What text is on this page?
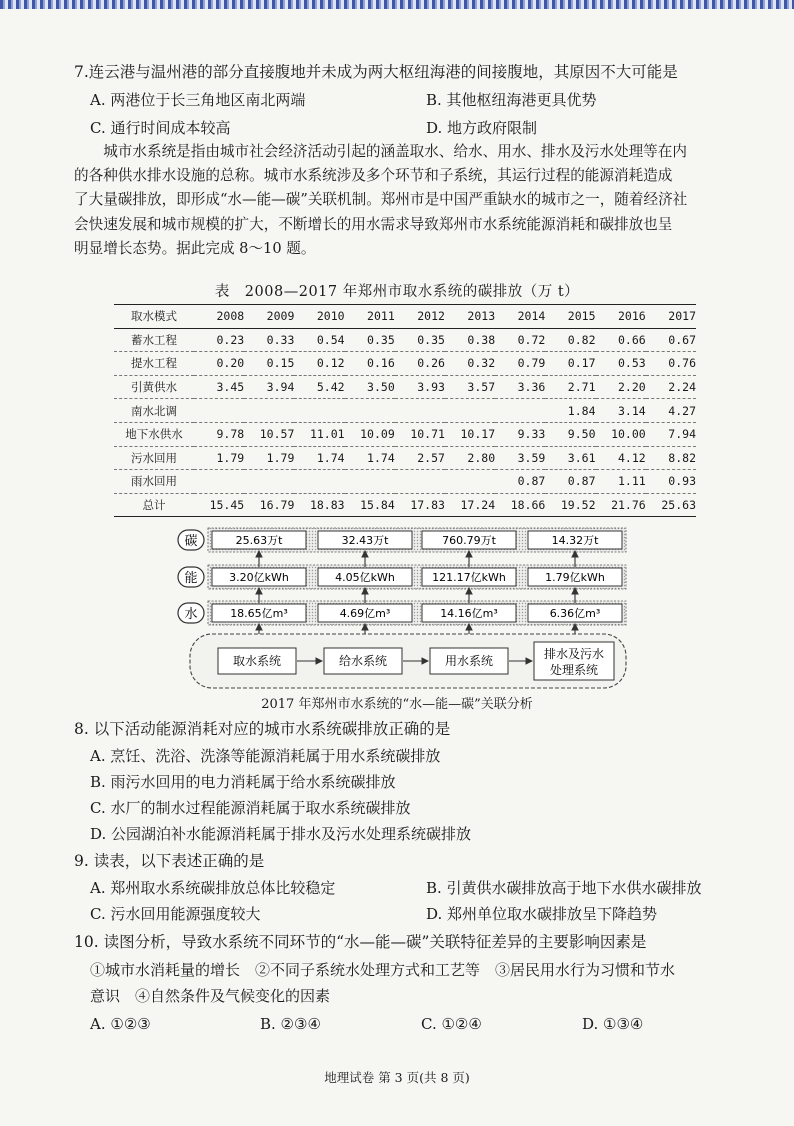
7.连云港与温州港的部分直接腹地并未成为两大枢纽海港的间接腹地，其原因不大可能是
A. 两港位于长三角地区南北两端	B. 其他枢纽海港更具优势
C. 通行时间成本较高	D. 地方政府限制
城市水系统是指由城市社会经济活动引起的涵盖取水、给水、用水、排水及污水处理等在内
的各种供水排水设施的总称。城市水系统涉及多个环节和子系统，其运行过程的能源消耗造成
了大量碳排放，即形成“水—能—碳”关联机制。郑州市是中国严重缺水的城市之一，随着经济社
会快速发展和城市规模的扩大，不断增长的用水需求导致郑州市水系统能源消耗和碳排放也呈
明显增长态势。据此完成 8～10 题。
表　2008—2017 年郑州市取水系统的碳排放（万 t）
取水模式	2008	2009	2010	2011	2012	2013	2014	2015	2016	2017
蓄水工程	0.23	0.33	0.54	0.35	0.35	0.38	0.72	0.82	0.66	0.67
提水工程	0.20	0.15	0.12	0.16	0.26	0.32	0.79	0.17	0.53	0.76
引黄供水	3.45	3.94	5.42	3.50	3.93	3.57	3.36	2.71	2.20	2.24
南水北调								1.84	3.14	4.27
地下水供水	9.78	10.57	11.01	10.09	10.71	10.17	9.33	9.50	10.00	7.94
污水回用	1.79	1.79	1.74	1.74	2.57	2.80	3.59	3.61	4.12	8.82
雨水回用							0.87	0.87	1.11	0.93
总计	15.45	16.79	18.83	15.84	17.83	17.24	18.66	19.52	21.76	25.63
碳
能
水
25.63万t	32.43万t	760.79万t	14.32万t
3.20亿kWh	4.05亿kWh	121.17亿kWh	1.79亿kWh
18.65亿m³	4.69亿m³	14.16亿m³	6.36亿m³
取水系统	给水系统	用水系统	排水及污水
处理系统
2017 年郑州市水系统的“水—能—碳”关联分析
8. 以下活动能源消耗对应的城市水系统碳排放正确的是
A. 烹饪、洗浴、洗涤等能源消耗属于用水系统碳排放
B. 雨污水回用的电力消耗属于给水系统碳排放
C. 水厂的制水过程能源消耗属于取水系统碳排放
D. 公园湖泊补水能源消耗属于排水及污水处理系统碳排放
9. 读表，以下表述正确的是
A. 郑州取水系统碳排放总体比较稳定	B. 引黄供水碳排放高于地下水供水碳排放
C. 污水回用能源强度较大	D. 郑州单位取水碳排放呈下降趋势
10. 读图分析，导致水系统不同环节的“水—能—碳”关联特征差异的主要影响因素是
①城市水消耗量的增长　②不同子系统水处理方式和工艺等　③居民用水行为习惯和节水
意识　④自然条件及气候变化的因素
A. ①②③	B. ②③④	C. ①②④	D. ①③④
地理试卷 第 3 页(共 8 页)
